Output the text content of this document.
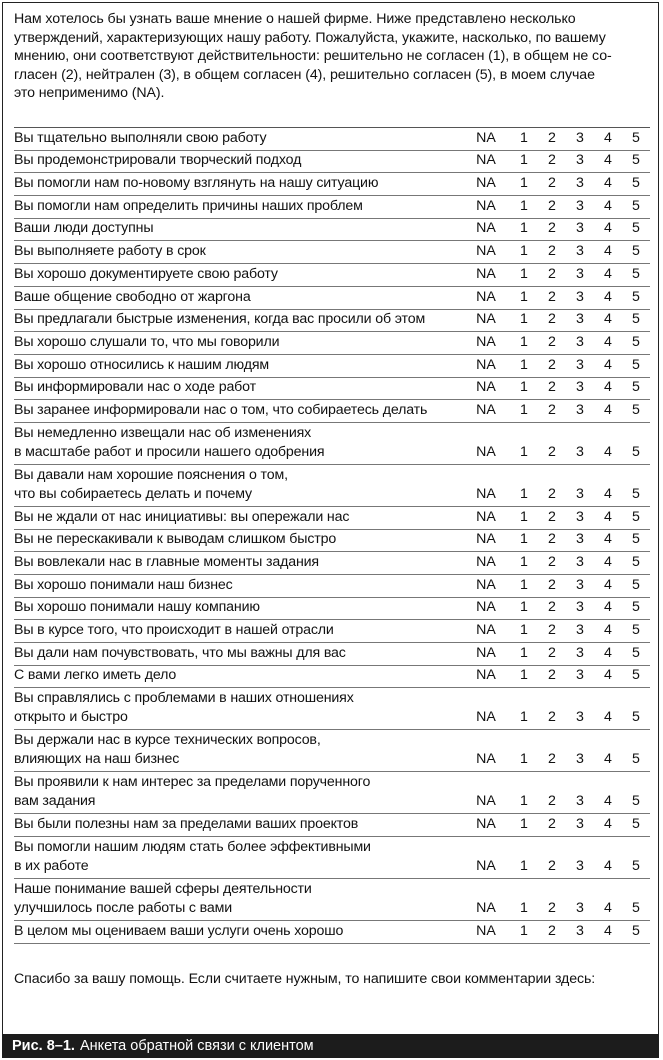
Нам хотелось бы узнать ваше мнение о нашей фирме. Ниже представлено несколько
утверждений, характеризующих нашу работу. Пожалуйста, укажите, насколько, по вашему
мнению, они соответствуют действительности: решительно не согласен (1), в общем не со-
гласен (2), нейтрален (3), в общем согласен (4), решительно согласен (5), в моем случае
это неприменимо (NA).
Вы тщательно выполняли свою работу	NA	1	2	3	4	5
Вы продемонстрировали творческий подход	NA	1	2	3	4	5
Вы помогли нам по-новому взглянуть на нашу ситуацию	NA	1	2	3	4	5
Вы помогли нам определить причины наших проблем	NA	1	2	3	4	5
Ваши люди доступны	NA	1	2	3	4	5
Вы выполняете работу в срок	NA	1	2	3	4	5
Вы хорошо документируете свою работу	NA	1	2	3	4	5
Ваше общение свободно от жаргона	NA	1	2	3	4	5
Вы предлагали быстрые изменения, когда вас просили об этом	NA	1	2	3	4	5
Вы хорошо слушали то, что мы говорили	NA	1	2	3	4	5
Вы хорошо относились к нашим людям	NA	1	2	3	4	5
Вы информировали нас о ходе работ	NA	1	2	3	4	5
Вы заранее информировали нас о том, что собираетесь делать	NA	1	2	3	4	5
Вы немедленно извещали нас об изменениях
в масштабе работ и просили нашего одобрения	NA	1	2	3	4	5
Вы давали нам хорошие пояснения о том,
что вы собираетесь делать и почему	NA	1	2	3	4	5
Вы не ждали от нас инициативы: вы опережали нас	NA	1	2	3	4	5
Вы не перескакивали к выводам слишком быстро	NA	1	2	3	4	5
Вы вовлекали нас в главные моменты задания	NA	1	2	3	4	5
Вы хорошо понимали наш бизнес	NA	1	2	3	4	5
Вы хорошо понимали нашу компанию	NA	1	2	3	4	5
Вы в курсе того, что происходит в нашей отрасли	NA	1	2	3	4	5
Вы дали нам почувствовать, что мы важны для вас	NA	1	2	3	4	5
С вами легко иметь дело	NA	1	2	3	4	5
Вы справлялись с проблемами в наших отношениях
открыто и быстро	NA	1	2	3	4	5
Вы держали нас в курсе технических вопросов,
влияющих на наш бизнес	NA	1	2	3	4	5
Вы проявили к нам интерес за пределами порученного
вам задания	NA	1	2	3	4	5
Вы были полезны нам за пределами ваших проектов	NA	1	2	3	4	5
Вы помогли нашим людям стать более эффективными
в их работе	NA	1	2	3	4	5
Наше понимание вашей сферы деятельности
улучшилось после работы с вами	NA	1	2	3	4	5
В целом мы оцениваем ваши услуги очень хорошо	NA	1	2	3	4	5
Спасибо за вашу помощь. Если считаете нужным, то напишите свои комментарии здесь:
Рис. 8–1. Анкета обратной связи с клиентом
